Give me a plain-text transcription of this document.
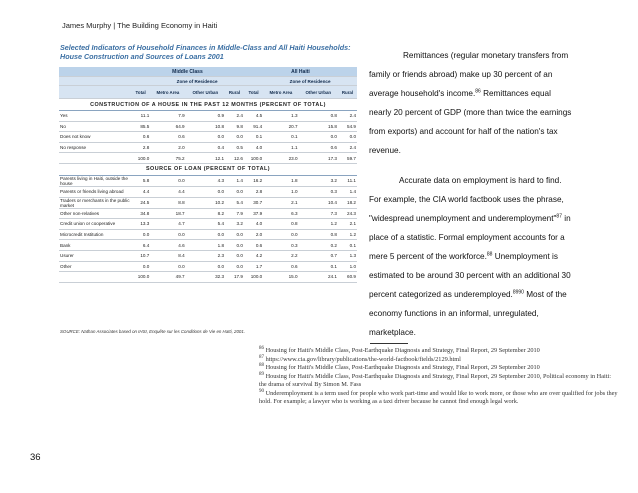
James Murphy | The Building Economy in Haiti
Selected Indicators of Household Finances in Middle-Class and All Haiti Households: House Construction and Sources of Loans 2001
	Middle Class				All Haiti			
		Zone of Residence				Zone of Residence		
	Total	Metro Area	Other Urban	Rural	Total	Metro Area	Other Urban	Rural
CONSTRUCTION OF A HOUSE IN THE PAST 12 MONTHS (PERCENT OF TOTAL)								
Yes	11.1	7.9	0.9	2.4	4.5	1.3	0.8	2.4
No	85.5	64.9	10.8	9.8	91.4	20.7	15.8	54.9
Does not know	0.6	0.6	0.0	0.0	0.1	0.1	0.0	0.0
No response	2.8	2.0	0.4	0.5	4.0	1.1	0.6	2.4
	100.0	75.2	12.1	12.6	100.0	23.0	17.3	59.7
SOURCE OF LOAN (PERCENT OF TOTAL)								
Parents living in Haiti, outside the house	5.8	0.0	4.3	1.4	16.2	1.8	3.2	11.1
Parents or friends living abroad	4.4	4.4	0.0	0.0	2.8	1.0	0.3	1.4
Traders or merchants in the public market	24.5	8.8	10.2	5.4	30.7	2.1	10.4	18.2
Other non-relatives	34.8	18.7	8.2	7.9	37.9	6.3	7.3	24.3
Credit union or cooperative	13.3	4.7	5.4	3.2	4.0	0.8	1.2	2.1
Microcredit Institution	0.0	0.0	0.0	0.0	2.0	0.0	0.8	1.2
Bank	6.4	4.6	1.8	0.0	0.6	0.3	0.2	0.1
Usurer	10.7	8.4	2.3	0.0	4.2	2.2	0.7	1.3
Other	0.0	0.0	0.0	0.0	1.7	0.6	0.1	1.0
	100.0	49.7	32.3	17.9	100.0	15.0	24.1	60.9
SOURCE: Nathan Associates based on IHSI, Enquête sur les Conditions de Vie en Haïti, 2001.

Remittances (regular monetary transfers from family or friends abroad) make up 30 percent of an average household's income.$^{86}$ Remittances equal nearly 20 percent of GDP (more than twice the earnings from exports) and account for half of the nation's tax revenue.

Accurate data on employment is hard to find. For example, the CIA world factbook uses the phrase, "widespread unemployment and underemployment"$^{87}$ in place of a statistic. Formal employment accounts for a mere 5 percent of the workforce.$^{88}$ Unemployment is estimated to be around 30 percent with an additional 30 percent categorized as underemployed.$^{8990}$ Most of the economy functions in an informal, unregulated, marketplace.

$^{86}$ Housing for Haiti's Middle Class, Post-Earthquake Diagnosis and Strategy, Final Report, 29 September 2010

$^{87}$ https://www.cia.gov/library/publications/the-world-factbook/fields/2129.html

$^{88}$ Housing for Haiti's Middle Class, Post-Earthquake Diagnosis and Strategy, Final Report, 29 September 2010

$^{89}$ Housing for Haiti's Middle Class, Post-Earthquake Diagnosis and Strategy, Final Report, 29 September 2010, Political economy in Haiti: the drama of survival By Simon M. Fass

$^{90}$ Underemployment is a term used for people who work part-time and would like to work more, or those who are over qualified for jobs they hold. For example; a lawyer who is working as a taxi driver because he cannot find enough legal work.

36
